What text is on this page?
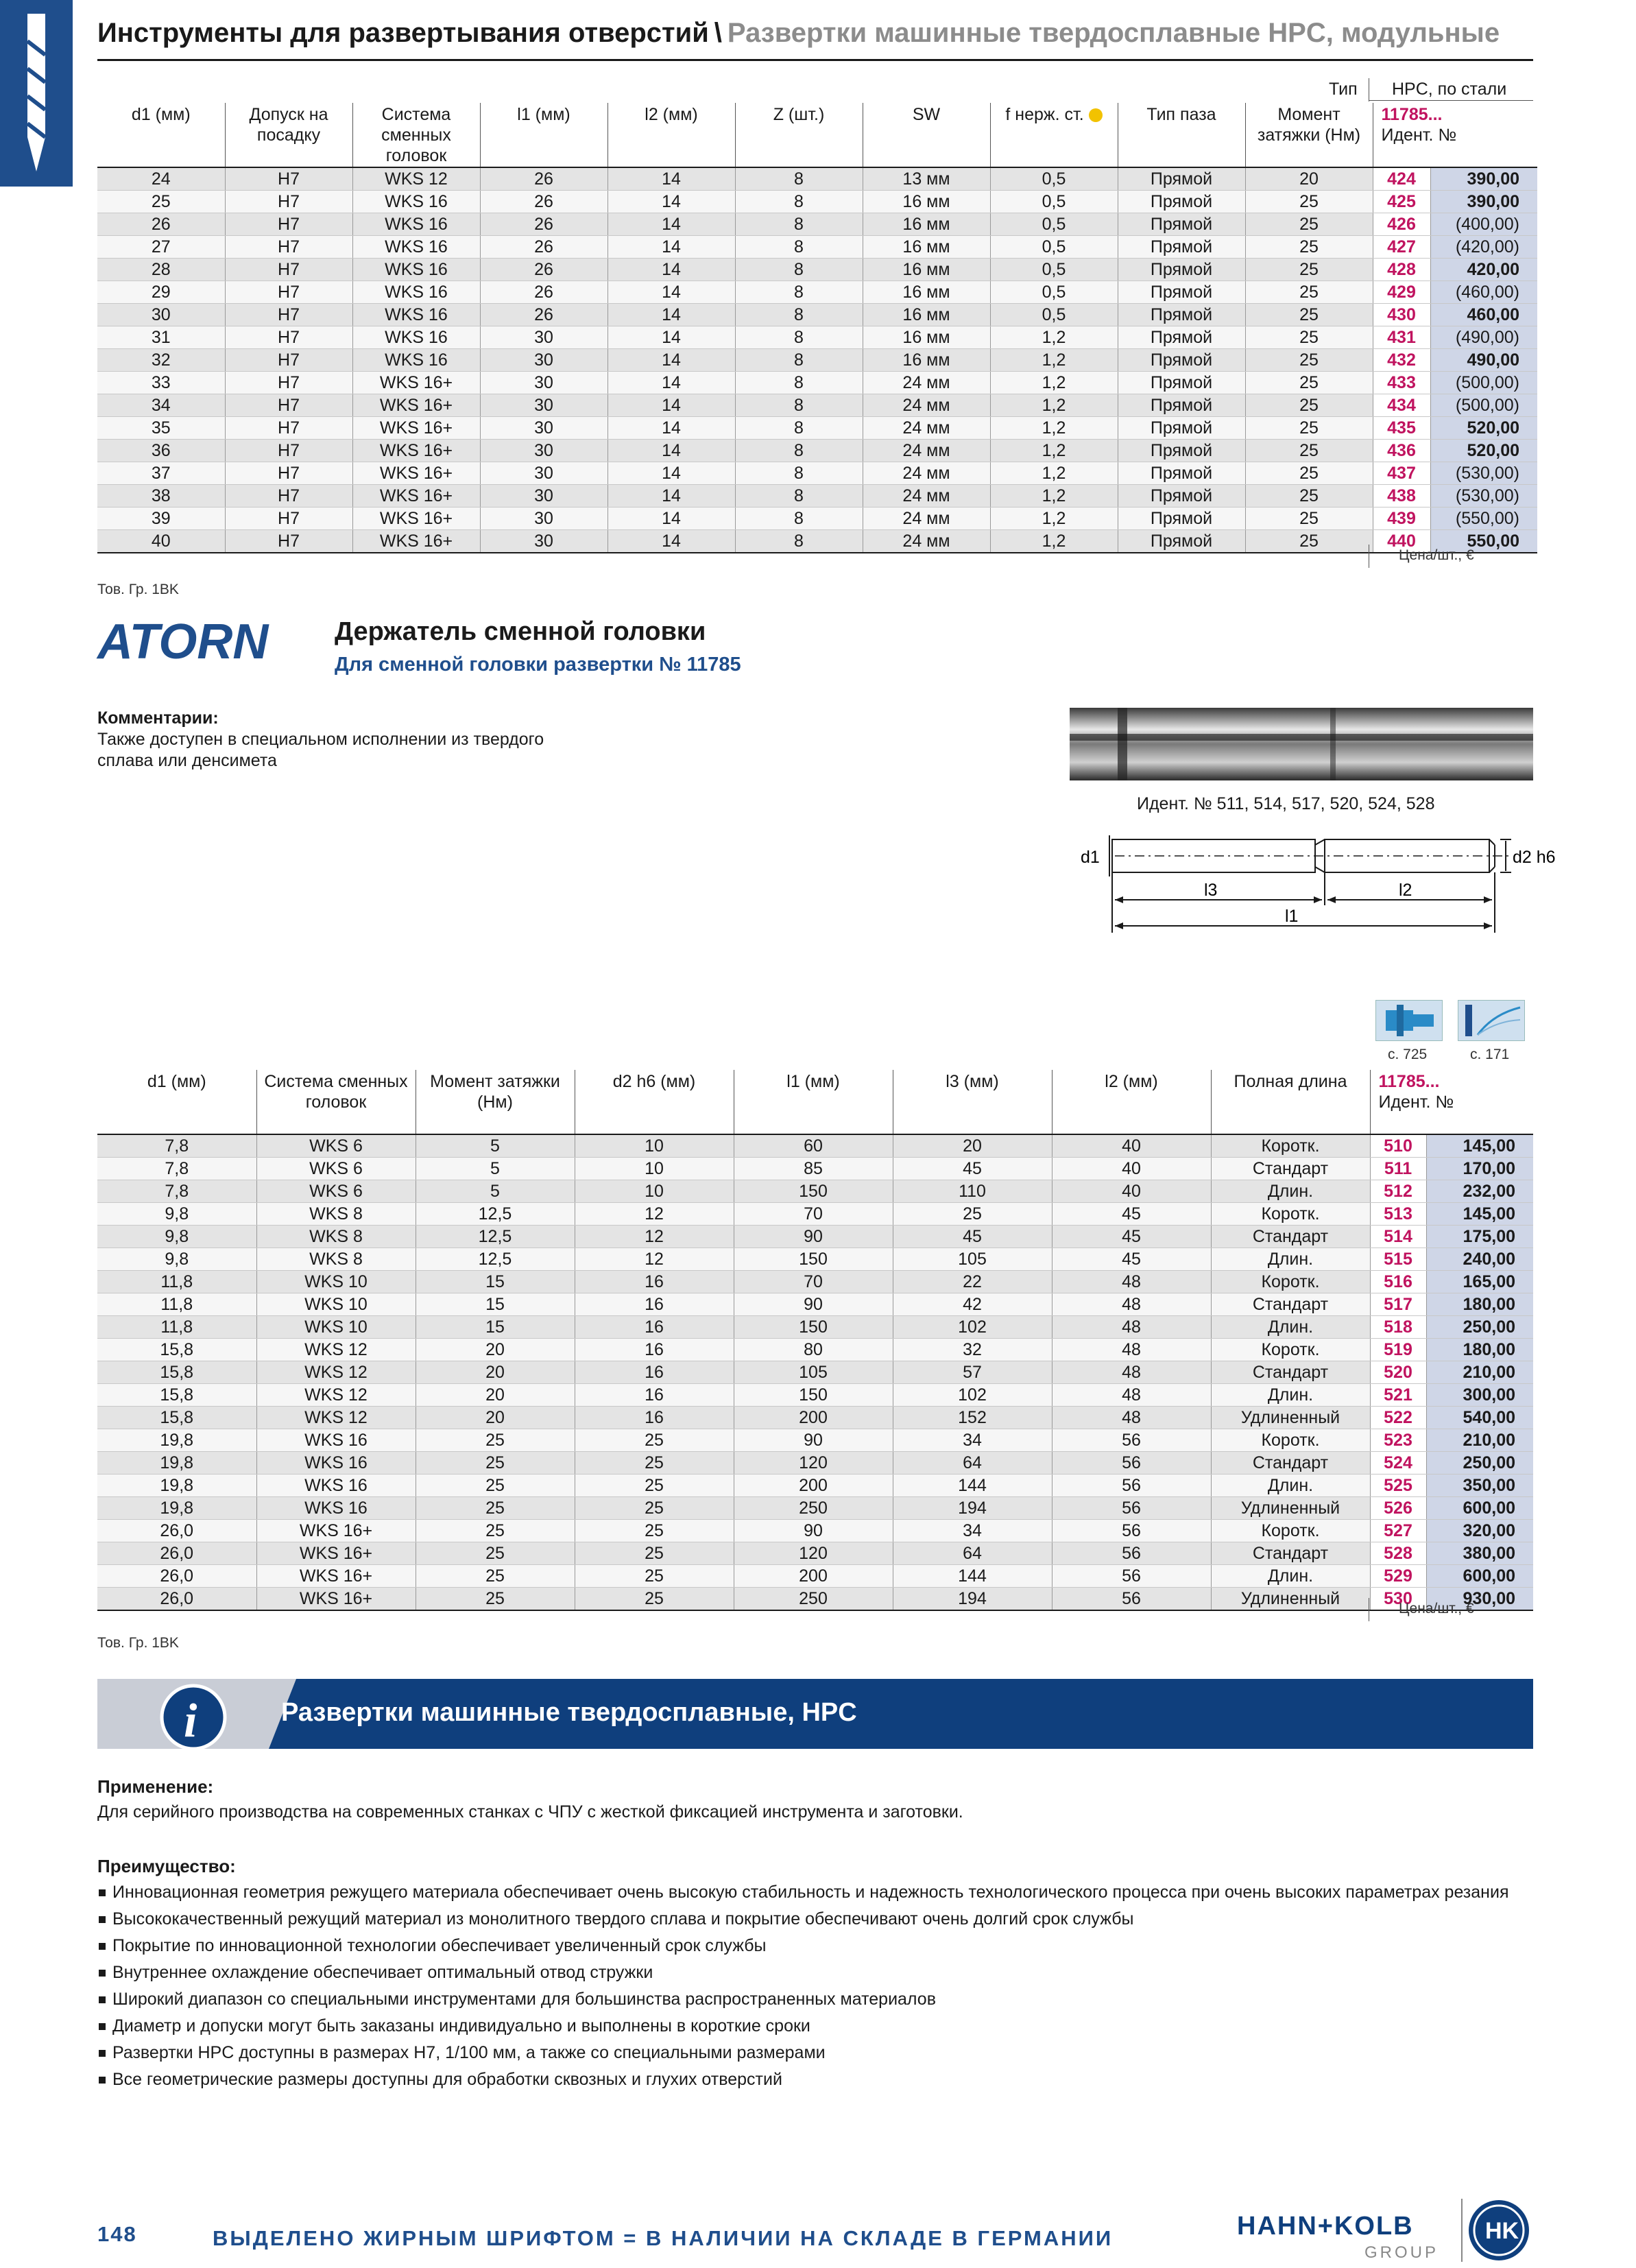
Инструменты для развертывания отверстий \ Развертки машинные твердосплавные HPC, модульные
Тип HPC, по стали
d1 (мм)	Допуск на посадку	Система сменных головок	l1 (мм)	l2 (мм)	Z (шт.)	SW	f нерж. ст.	Тип паза	Момент затяжки (Нм)	11785...
Идент. №	
24	H7	WKS 12	26	14	8	13 мм	0,5	Прямой	20	424	390,00
25	H7	WKS 16	26	14	8	16 мм	0,5	Прямой	25	425	390,00
26	H7	WKS 16	26	14	8	16 мм	0,5	Прямой	25	426	(400,00)
27	H7	WKS 16	26	14	8	16 мм	0,5	Прямой	25	427	(420,00)
28	H7	WKS 16	26	14	8	16 мм	0,5	Прямой	25	428	420,00
29	H7	WKS 16	26	14	8	16 мм	0,5	Прямой	25	429	(460,00)
30	H7	WKS 16	26	14	8	16 мм	0,5	Прямой	25	430	460,00
31	H7	WKS 16	30	14	8	16 мм	1,2	Прямой	25	431	(490,00)
32	H7	WKS 16	30	14	8	16 мм	1,2	Прямой	25	432	490,00
33	H7	WKS 16+	30	14	8	24 мм	1,2	Прямой	25	433	(500,00)
34	H7	WKS 16+	30	14	8	24 мм	1,2	Прямой	25	434	(500,00)
35	H7	WKS 16+	30	14	8	24 мм	1,2	Прямой	25	435	520,00
36	H7	WKS 16+	30	14	8	24 мм	1,2	Прямой	25	436	520,00
37	H7	WKS 16+	30	14	8	24 мм	1,2	Прямой	25	437	(530,00)
38	H7	WKS 16+	30	14	8	24 мм	1,2	Прямой	25	438	(530,00)
39	H7	WKS 16+	30	14	8	24 мм	1,2	Прямой	25	439	(550,00)
40	H7	WKS 16+	30	14	8	24 мм	1,2	Прямой	25	440	550,00
Цена/шт., €
Тов. Гр. 1BK
ATORN	Держатель сменной головки
Для сменной головки развертки № 11785
Комментарии:
Также доступен в специальном исполнении из твердого сплава или денсимета
Идент. № 511, 514, 517, 520, 524, 528
d1	d2 h6
l3	l2
l1
с. 725	с. 171
d1 (мм)	Система сменных головок	Момент затяжки (Нм)	d2 h6 (мм)	l1 (мм)	l3 (мм)	l2 (мм)	Полная длина	11785...
Идент. №	
7,8	WKS 6	5	10	60	20	40	Коротк.	510	145,00
7,8	WKS 6	5	10	85	45	40	Стандарт	511	170,00
7,8	WKS 6	5	10	150	110	40	Длин.	512	232,00
9,8	WKS 8	12,5	12	70	25	45	Коротк.	513	145,00
9,8	WKS 8	12,5	12	90	45	45	Стандарт	514	175,00
9,8	WKS 8	12,5	12	150	105	45	Длин.	515	240,00
11,8	WKS 10	15	16	70	22	48	Коротк.	516	165,00
11,8	WKS 10	15	16	90	42	48	Стандарт	517	180,00
11,8	WKS 10	15	16	150	102	48	Длин.	518	250,00
15,8	WKS 12	20	16	80	32	48	Коротк.	519	180,00
15,8	WKS 12	20	16	105	57	48	Стандарт	520	210,00
15,8	WKS 12	20	16	150	102	48	Длин.	521	300,00
15,8	WKS 12	20	16	200	152	48	Удлиненный	522	540,00
19,8	WKS 16	25	25	90	34	56	Коротк.	523	210,00
19,8	WKS 16	25	25	120	64	56	Стандарт	524	250,00
19,8	WKS 16	25	25	200	144	56	Длин.	525	350,00
19,8	WKS 16	25	25	250	194	56	Удлиненный	526	600,00
26,0	WKS 16+	25	25	90	34	56	Коротк.	527	320,00
26,0	WKS 16+	25	25	120	64	56	Стандарт	528	380,00
26,0	WKS 16+	25	25	200	144	56	Длин.	529	600,00
26,0	WKS 16+	25	25	250	194	56	Удлиненный	530	930,00
Цена/шт., €
Тов. Гр. 1BK
i	Развертки машинные твердосплавные, HPC
Применение:
Для серийного производства на современных станках с ЧПУ с жесткой фиксацией инструмента и заготовки.
Преимущество:
Инновационная геометрия режущего материала обеспечивает очень высокую стабильность и надежность технологического процесса при очень высоких параметрах резания
Высококачественный режущий материал из монолитного твердого сплава и покрытие обеспечивают очень долгий срок службы
Покрытие по инновационной технологии обеспечивает увеличенный срок службы
Внутреннее охлаждение обеспечивает оптимальный отвод стружки
Широкий диапазон со специальными инструментами для большинства распространенных материалов
Диаметр и допуски могут быть заказаны индивидуально и выполнены в короткие сроки
Развертки HPC доступны в размерах H7, 1/100 мм, а также со специальными размерами
Все геометрические размеры доступны для обработки сквозных и глухих отверстий
148	ВЫДЕЛЕНО ЖИРНЫМ ШРИФТОМ = В НАЛИЧИИ НА СКЛАДЕ В ГЕРМАНИИ	HAHN+KOLB
GROUP
HK
